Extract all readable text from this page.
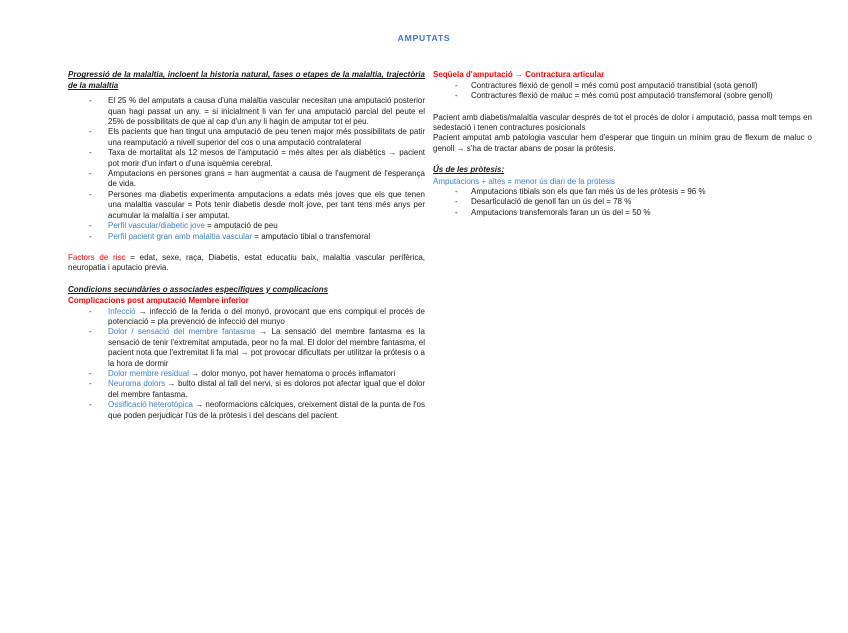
AMPUTATS
Progressió de la malaltia, incloent la historia natural, fases o etapes de la malaltia, trajectòria de la malaltia
- El 25 % del amputats a causa d'una malaltia vascular necesitan una amputació posterior quan hagi passat un any. = si inicialment li van fer una amputació parcial del peute el 25% de possibilitats de que al cap d'un any li hagin de amputar tot el peu.
- Els pacients que han tingut una amputació de peu tenen major més possibilitats de patir una reamputació a nivell superior del cos o una amputació contralateral
- Taxa de mortalitat als 12 mesos de l'amputació = més altes per als diabètics → pacient pot morir d'un infart o d'una isquèmia cerebral.
- Amputacions en persones grans = han augmentat a causa de l'augment de l'esperança de vida.
- Persones ma diabetis experimenta amputacions a edats més joves que els que tenen una malaltia vascular = Pots tenir diabetis desde molt jove, per tant tens més anys per acumular la malaltia i ser amputat.
- Perfil vascular/diabetic jove = amputació de peu
- Perfil pacient gran amb malaltia vascular = amputacio tibial o transfemoral

Factors de risc = edat, sexe, raça, Diabetis, estat educatiu baix, malaltia vascular perifèrica, neuropatia i aputacio previa.

Condicions secundàries o associades específiques y complicacions

Complicacions post amputació Membre inferior

- Infecció → infecció de la ferida o del monyó, provocant que ens compiqui el procés de potenciació = pla prevenció de infecció del munyo
- Dolor / sensació del membre fantasma → La sensació del membre fantasma es la sensació de tenir l'extremitat amputada, peor no fa mal. El dolor del membre fantasma, el pacient nota que l'extremitat li fa mal → pot provocar dificultats per utilitzar la prótesis o a la hora de dormir
- Dolor membre residual → dolor monyo, pot haver hematoma o procés inflamatori
- Neuroma dolors → bulto distal al tall del nervi, si es doloros pot afectar igual que el dolor del membre fantasma.
- Ossificació heterotòpica → neoformacions càlciques, creixement distal de la punta de l'os que poden perjudicar l'ús de la pròtesis i del descans del pacient.

Seqüela d'amputació → Contractura articular

- Contractures flexió de genoll = més comú post amputació transtibial (sota genoll)
- Contractures flexió de maluc = més comú post amputació transfemoral (sobre genoll)

Pacient amb diabetis/malaltia vascular després de tot el procés de dolor i amputació, passa molt temps en sedestació i tenen contractures posicionals

Pacient amputat amb patologia vascular hem d'esperar que tinguin un mínim grau de flexum de maluc o genoll → s'ha de tractar abans de posar la prótesis.

Ús de les pròtesis:

Amputacions + altes = menor ús diari de la pròtesis

- Amputacions tibials son els que fan més ús de les pròtesis = 96 %
- Desarticulació de genoll fan un ús del = 78 %
- Amputacions transfemorals faran un ús del = 50 %
